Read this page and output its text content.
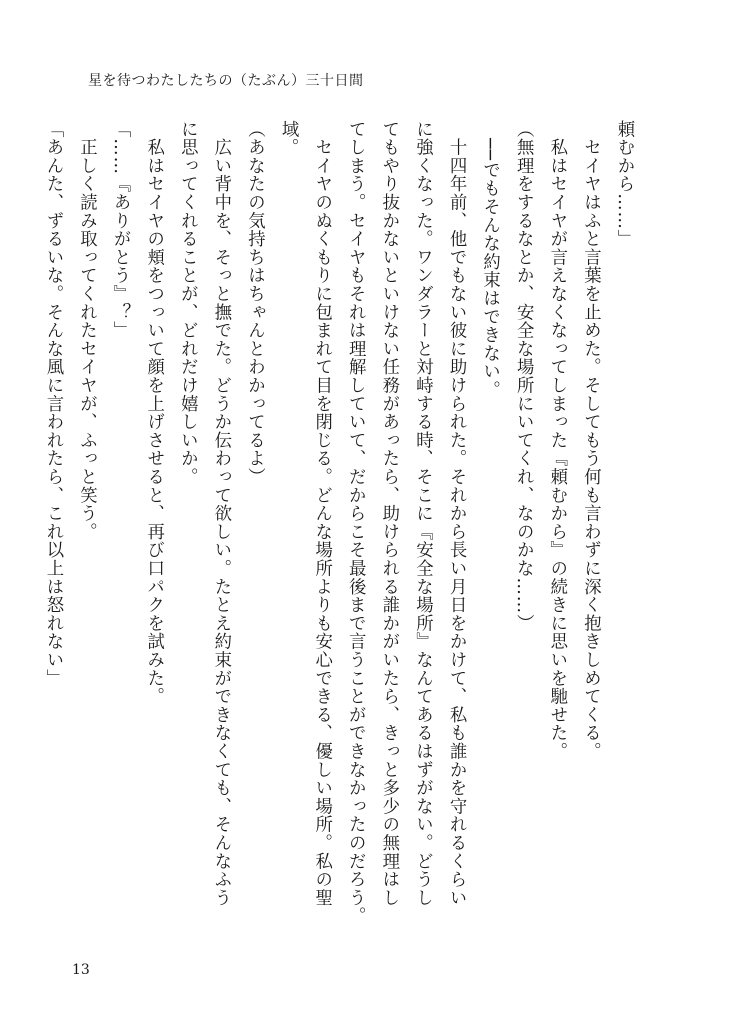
星を待つわたしたちの（たぶん）三十日間
頼むから……」
　セイヤはふと言葉を止めた。そしてもう何も言わずに深く抱きしめてくる。
　私はセイヤが言えなくなってしまった『頼むから』の続きに思いを馳せた。
（無理をするなとか、安全な場所にいてくれ、なのかな……）
　──でもそんな約束はできない。
　十四年前、他でもない彼に助けられた。それから長い月日をかけて、私も誰かを守れるくらい
に強くなった。ワンダラーと対峙する時、そこに『安全な場所』なんてあるはずがない。どうし
てもやり抜かないといけない任務があったら、助けられる誰かがいたら、きっと多少の無理はし
てしまう。セイヤもそれは理解していて、だからこそ最後まで言うことができなかったのだろう。
　セイヤのぬくもりに包まれて目を閉じる。どんな場所よりも安心できる、優しい場所。私の聖
域。
（あなたの気持ちはちゃんとわかってるよ）
　広い背中を、そっと撫でた。どうか伝わって欲しい。たとえ約束ができなくても、そんなふう
に思ってくれることが、どれだけ嬉しいか。
　私はセイヤの頬をつっいて顔を上げさせると、再び口パクを試みた。
「……『ありがとう』？」
　正しく読み取ってくれたセイヤが、ふっと笑う。
「あんた、ずるいな。そんな風に言われたら、これ以上は怒れない」
13
